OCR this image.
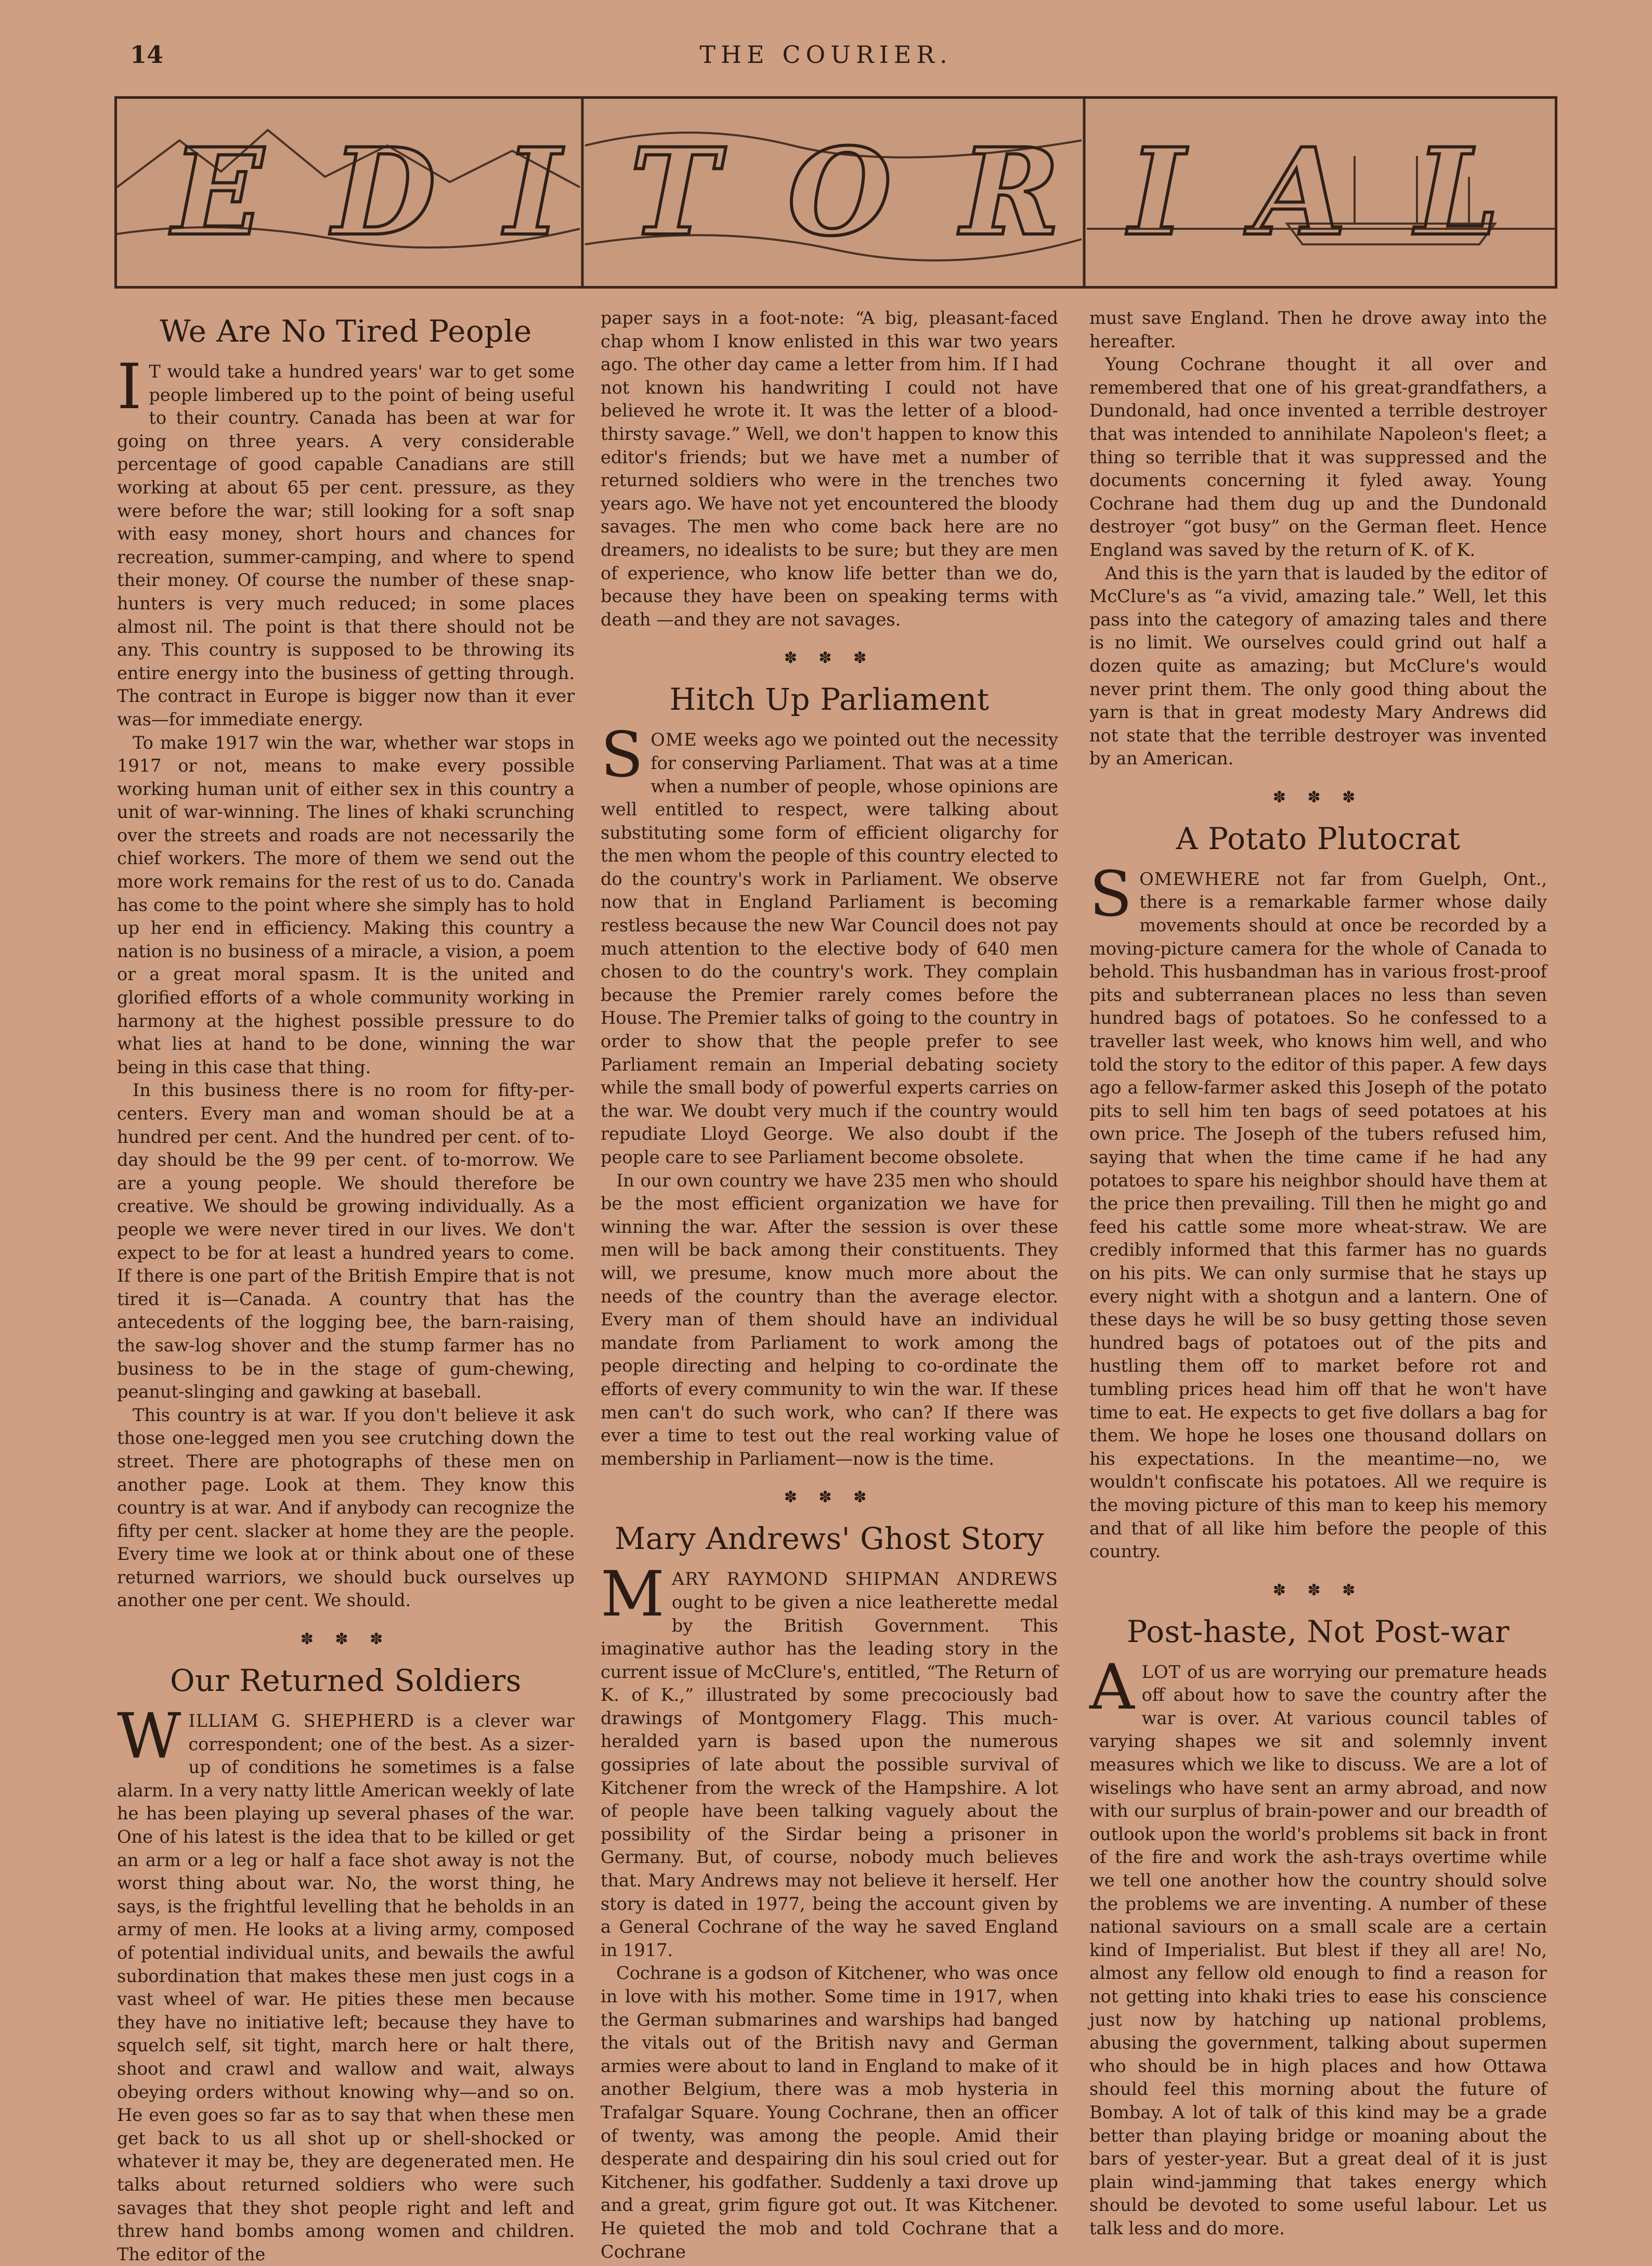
14	THE COURIER.
E D I T O R I A L
We Are No Tired People

I T would take a hundred years' war to get some people limbered up to the point of being useful to their country. Canada has been at war for going on three years. A very considerable percentage of good capable Canadians are still working at about 65 per cent. pressure, as they were before the war; still looking for a soft snap with easy money, short hours and chances for recreation, summer-camping, and where to spend their money. Of course the number of these snap-hunters is very much reduced; in some places almost nil. The point is that there should not be any. This country is supposed to be throwing its entire energy into the business of getting through. The contract in Europe is bigger now than it ever was—for immediate energy.

To make 1917 win the war, whether war stops in 1917 or not, means to make every possible working human unit of either sex in this country a unit of war-winning. The lines of khaki scrunching over the streets and roads are not necessarily the chief workers. The more of them we send out the more work remains for the rest of us to do. Canada has come to the point where she simply has to hold up her end in efficiency. Making this country a nation is no business of a miracle, a vision, a poem or a great moral spasm. It is the united and glorified efforts of a whole community working in harmony at the highest possible pressure to do what lies at hand to be done, winning the war being in this case that thing.

In this business there is no room for fifty-per-centers. Every man and woman should be at a hundred per cent. And the hundred per cent. of to-day should be the 99 per cent. of to-morrow. We are a young people. We should therefore be creative. We should be growing individually. As a people we were never tired in our lives. We don't expect to be for at least a hundred years to come. If there is one part of the British Empire that is not tired it is—Canada. A country that has the antecedents of the logging bee, the barn-raising, the saw-log shover and the stump farmer has no business to be in the stage of gum-chewing, peanut-slinging and gawking at baseball.

This country is at war. If you don't believe it ask those one-legged men you see crutching down the street. There are photographs of these men on another page. Look at them. They know this country is at war. And if anybody can recognize the fifty per cent. slacker at home they are the people. Every time we look at or think about one of these returned warriors, we should buck ourselves up another one per cent. We should.

✽ ✽ ✽
Our Returned Soldiers

WILLIAM G. SHEPHERD is a clever war correspondent; one of the best. As a sizer-up of conditions he sometimes is a false alarm. In a very natty little American weekly of late he has been playing up several phases of the war. One of his latest is the idea that to be killed or get an arm or a leg or half a face shot away is not the worst thing about war. No, the worst thing, he says, is the frightful levelling that he beholds in an army of men. He looks at a living army, composed of potential individual units, and bewails the awful subordination that makes these men just cogs in a vast wheel of war. He pities these men because they have no initiative left; because they have to squelch self, sit tight, march here or halt there, shoot and crawl and wallow and wait, always obeying orders without knowing why—and so on. He even goes so far as to say that when these men get back to us all shot up or shell-shocked or whatever it may be, they are degenerated men. He talks about returned soldiers who were such savages that they shot people right and left and threw hand bombs among women and children. The editor of the

paper says in a foot-note: “A big, pleasant-faced chap whom I know enlisted in this war two years ago. The other day came a letter from him. If I had not known his handwriting I could not have believed he wrote it. It was the letter of a blood-thirsty savage.” Well, we don't happen to know this editor's friends; but we have met a number of returned soldiers who were in the trenches two years ago. We have not yet encountered the bloody savages. The men who come back here are no dreamers, no idealists to be sure; but they are men of experience, who know life better than we do, because they have been on speaking terms with death —and they are not savages.

✽ ✽ ✽
Hitch Up Parliament

SOME weeks ago we pointed out the necessity for conserving Parliament. That was at a time when a number of people, whose opinions are well entitled to respect, were talking about substituting some form of efficient oligarchy for the men whom the people of this country elected to do the country's work in Parliament. We observe now that in England Parliament is becoming restless because the new War Council does not pay much attention to the elective body of 640 men chosen to do the country's work. They complain because the Premier rarely comes before the House. The Premier talks of going to the country in order to show that the people prefer to see Parliament remain an Imperial debating society while the small body of powerful experts carries on the war. We doubt very much if the country would repudiate Lloyd George. We also doubt if the people care to see Parliament become obsolete.

In our own country we have 235 men who should be the most efficient organization we have for winning the war. After the session is over these men will be back among their constituents. They will, we presume, know much more about the needs of the country than the average elector. Every man of them should have an individual mandate from Parliament to work among the people directing and helping to co-ordinate the efforts of every community to win the war. If these men can't do such work, who can? If there was ever a time to test out the real working value of membership in Parliament—now is the time.

✽ ✽ ✽
Mary Andrews' Ghost Story

MARY RAYMOND SHIPMAN ANDREWS ought to be given a nice leatherette medal by the British Government. This imaginative author has the leading story in the current issue of McClure's, entitled, “The Return of K. of K.,” illustrated by some precociously bad drawings of Montgomery Flagg. This much-heralded yarn is based upon the numerous gossipries of late about the possible survival of Kitchener from the wreck of the Hampshire. A lot of people have been talking vaguely about the possibility of the Sirdar being a prisoner in Germany. But, of course, nobody much believes that. Mary Andrews may not believe it herself. Her story is dated in 1977, being the account given by a General Cochrane of the way he saved England in 1917.

Cochrane is a godson of Kitchener, who was once in love with his mother. Some time in 1917, when the German submarines and warships had banged the vitals out of the British navy and German armies were about to land in England to make of it another Belgium, there was a mob hysteria in Trafalgar Square. Young Cochrane, then an officer of twenty, was among the people. Amid their desperate and despairing din his soul cried out for Kitchener, his godfather. Suddenly a taxi drove up and a great, grim figure got out. It was Kitchener. He quieted the mob and told Cochrane that a Cochrane

must save England. Then he drove away into the hereafter.

Young Cochrane thought it all over and remembered that one of his great-grandfathers, a Dundonald, had once invented a terrible destroyer that was intended to annihilate Napoleon's fleet; a thing so terrible that it was suppressed and the documents concerning it fyled away. Young Cochrane had them dug up and the Dundonald destroyer “got busy” on the German fleet. Hence England was saved by the return of K. of K.

And this is the yarn that is lauded by the editor of McClure's as “a vivid, amazing tale.” Well, let this pass into the category of amazing tales and there is no limit. We ourselves could grind out half a dozen quite as amazing; but McClure's would never print them. The only good thing about the yarn is that in great modesty Mary Andrews did not state that the terrible destroyer was invented by an American.

✽ ✽ ✽
A Potato Plutocrat

SOMEWHERE not far from Guelph, Ont., there is a remarkable farmer whose daily movements should at once be recorded by a moving-picture camera for the whole of Canada to behold. This husbandman has in various frost-proof pits and subterranean places no less than seven hundred bags of potatoes. So he confessed to a traveller last week, who knows him well, and who told the story to the editor of this paper. A few days ago a fellow-farmer asked this Joseph of the potato pits to sell him ten bags of seed potatoes at his own price. The Joseph of the tubers refused him, saying that when the time came if he had any potatoes to spare his neighbor should have them at the price then prevailing. Till then he might go and feed his cattle some more wheat-straw. We are credibly informed that this farmer has no guards on his pits. We can only surmise that he stays up every night with a shotgun and a lantern. One of these days he will be so busy getting those seven hundred bags of potatoes out of the pits and hustling them off to market before rot and tumbling prices head him off that he won't have time to eat. He expects to get five dollars a bag for them. We hope he loses one thousand dollars on his expectations. In the meantime—no, we wouldn't confiscate his potatoes. All we require is the moving picture of this man to keep his memory and that of all like him before the people of this country.

✽ ✽ ✽
Post-haste, Not Post-war

A LOT of us are worrying our premature heads off about how to save the country after the war is over. At various council tables of varying shapes we sit and solemnly invent measures which we like to discuss. We are a lot of wiselings who have sent an army abroad, and now with our surplus of brain-power and our breadth of outlook upon the world's problems sit back in front of the fire and work the ash-trays overtime while we tell one another how the country should solve the problems we are inventing. A number of these national saviours on a small scale are a certain kind of Imperialist. But blest if they all are! No, almost any fellow old enough to find a reason for not getting into khaki tries to ease his conscience just now by hatching up national problems, abusing the government, talking about supermen who should be in high places and how Ottawa should feel this morning about the future of Bombay. A lot of talk of this kind may be a grade better than playing bridge or moaning about the bars of yester-year. But a great deal of it is just plain wind-jamming that takes energy which should be devoted to some useful labour. Let us talk less and do more.
